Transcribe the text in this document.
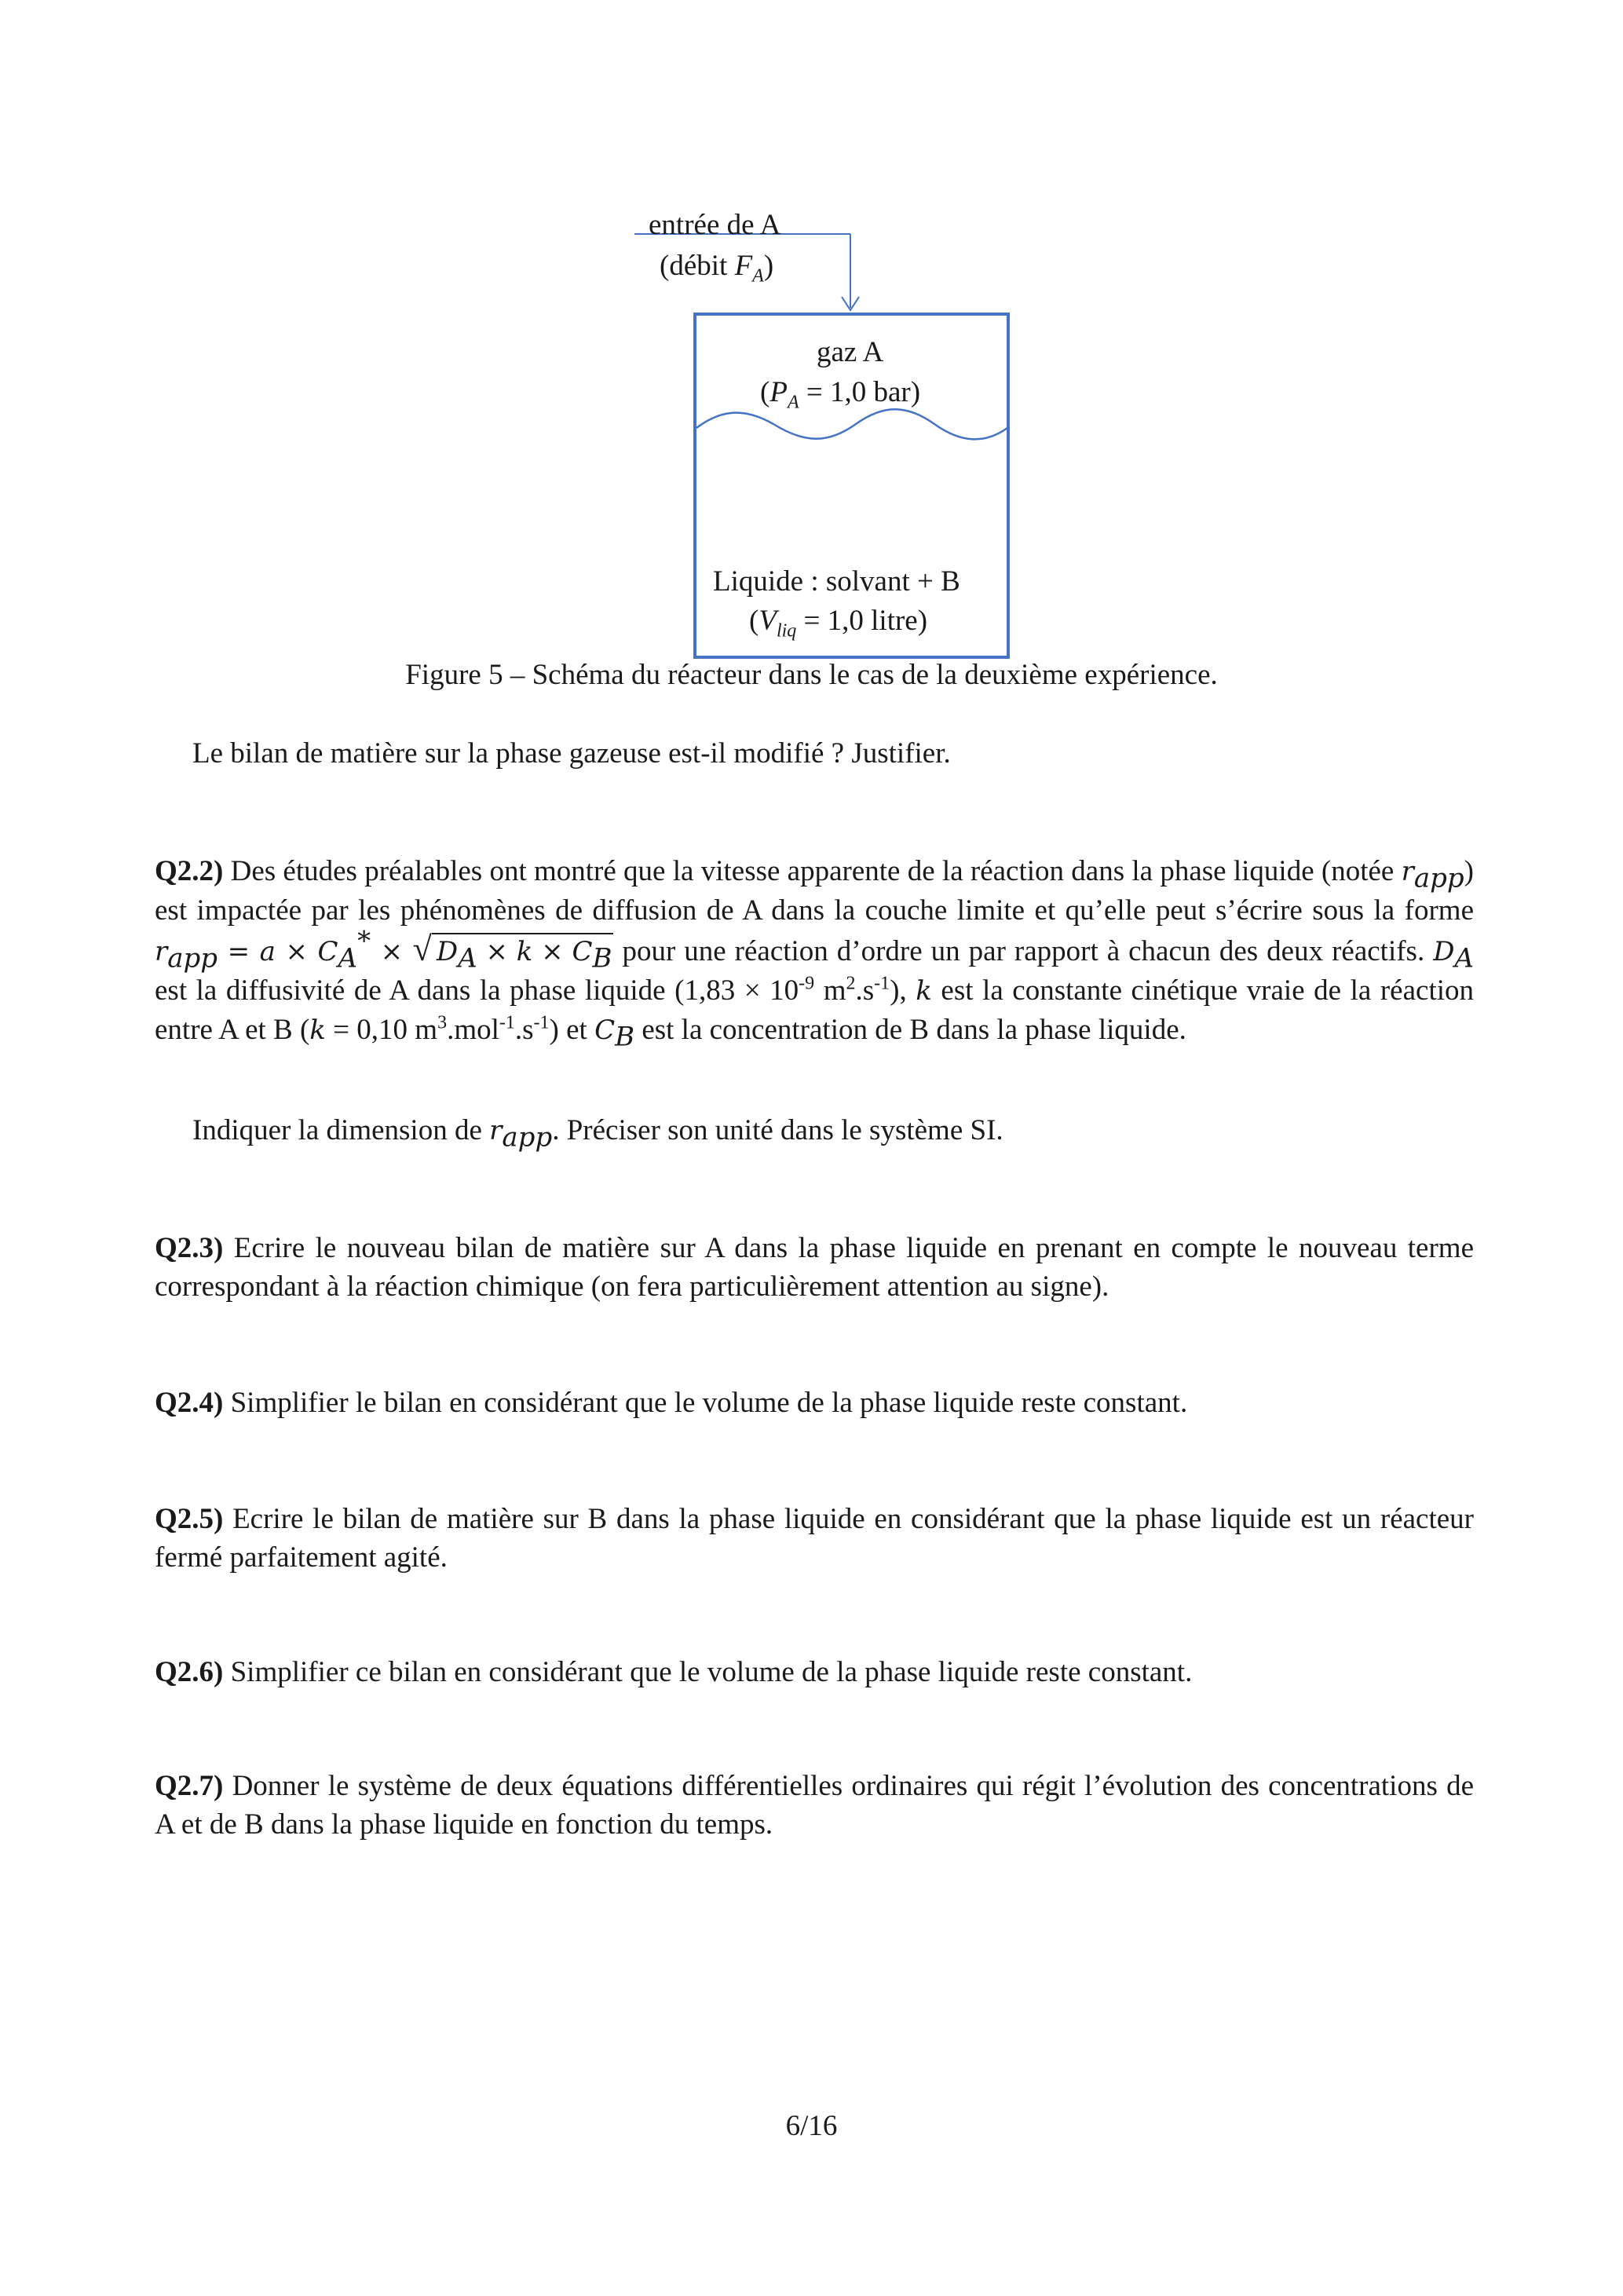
entrée de A
(débit $F_A$)
gaz A
($P_A = 1,0$ bar)
Liquide : solvant + B
($V_{liq} = 1,0$ litre)
Figure 5 – Schéma du réacteur dans le cas de la deuxième expérience.
Le bilan de matière sur la phase gazeuse est-il modifié ? Justifier.
Q2.2) Des études préalables ont montré que la vitesse apparente de la réaction dans la phase liquide (notée $r_{app}$) est impactée par les phénomènes de diffusion de A dans la couche limite et qu’elle peut s’écrire sous la forme $r_{app} = a \times C_A^*$ × √ $D_A \times k \times C_B$ pour une réaction d’ordre un par rapport à chacun des deux réactifs. $D_A$ est la diffusivité de A dans la phase liquide ($1,83 \times 10^{-9}$ $m^2.s^{-1}$), k est la constante cinétique vraie de la réaction entre A et B (k = 0,10 $m^3.mol^{-1}.s^{-1}$) et $C_B$ est la concentration de B dans la phase liquide.
Indiquer la dimension de $r_{app}$. Préciser son unité dans le système SI.
Q2.3) Ecrire le nouveau bilan de matière sur A dans la phase liquide en prenant en compte le nouveau terme correspondant à la réaction chimique (on fera particulièrement attention au signe).
Q2.4) Simplifier le bilan en considérant que le volume de la phase liquide reste constant.
Q2.5) Ecrire le bilan de matière sur B dans la phase liquide en considérant que la phase liquide est un réacteur fermé parfaitement agité.
Q2.6) Simplifier ce bilan en considérant que le volume de la phase liquide reste constant.
Q2.7) Donner le système de deux équations différentielles ordinaires qui régit l’évolution des concentrations de A et de B dans la phase liquide en fonction du temps.
6/16
